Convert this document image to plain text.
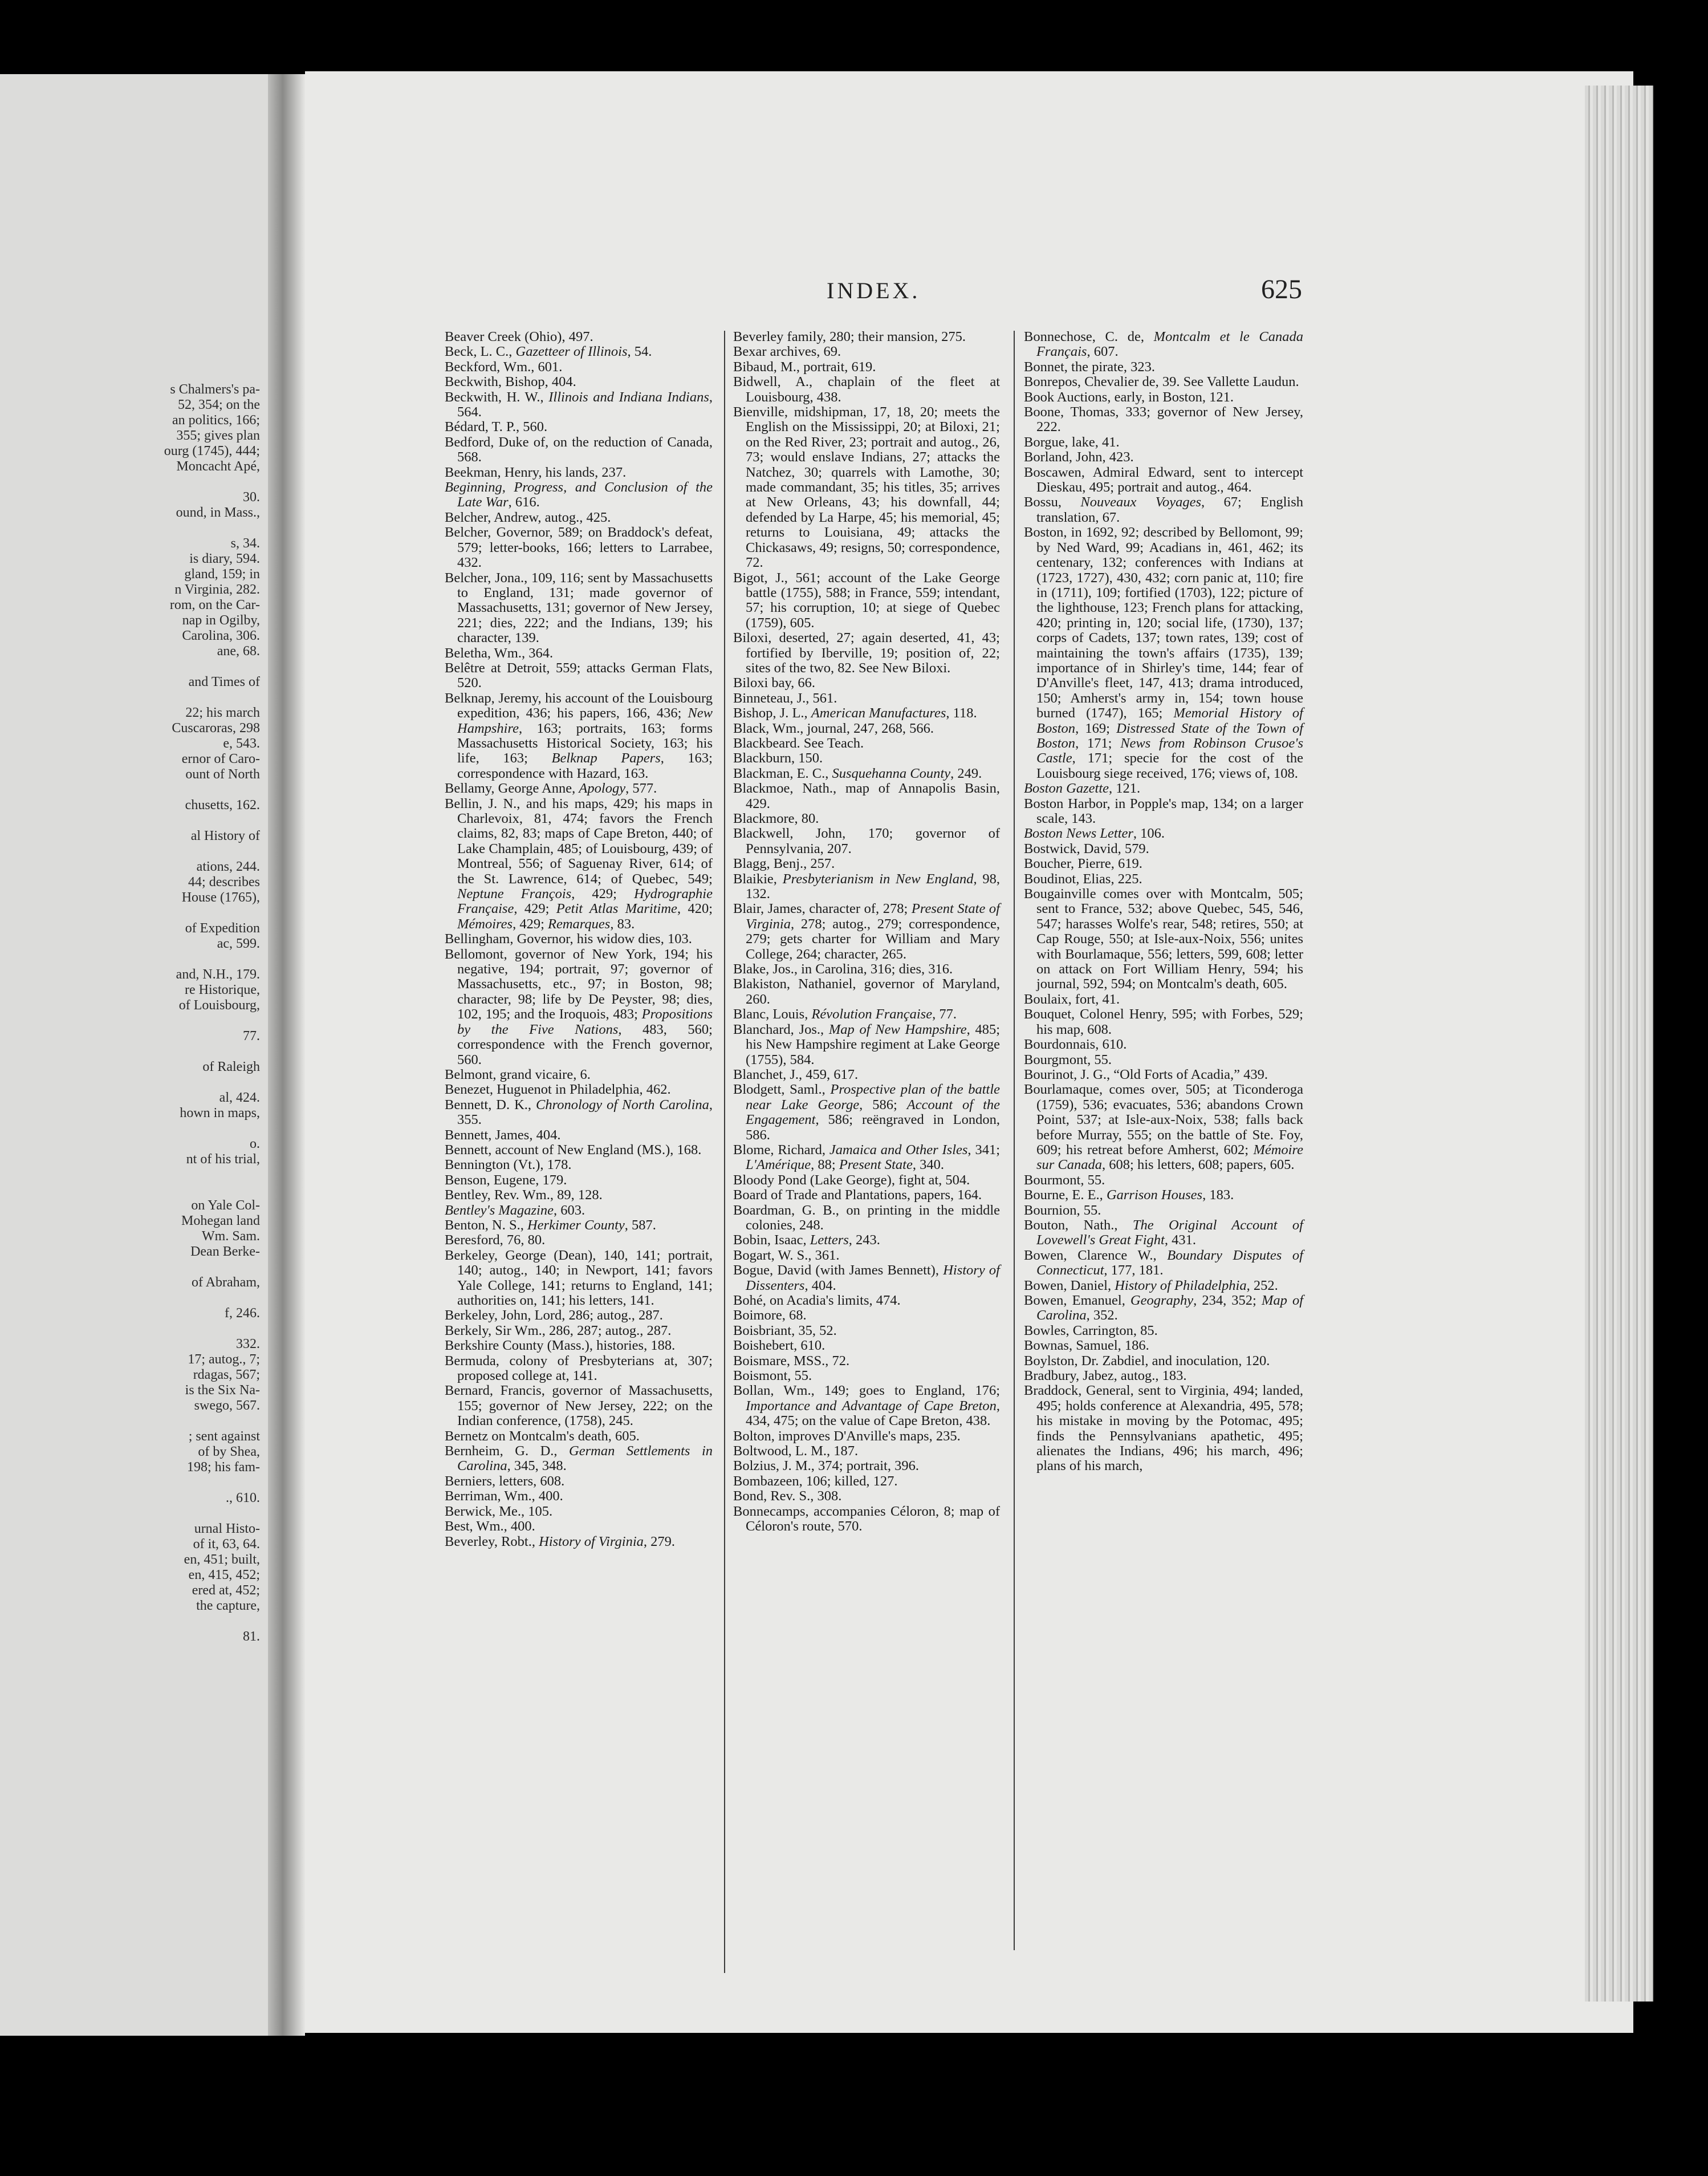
s Chalmers's pa-
52, 354; on the
an politics, 166;
355; gives plan
ourg (1745), 444;
Moncacht Apé,
30.
ound, in Mass.,
s, 34.
is diary, 594.
gland, 159; in
n Virginia, 282.
rom, on the Car-
nap in Ogilby,
Carolina, 306.
ane, 68.
and Times of
22; his march
Cuscaroras, 298
e, 543.
ernor of Caro-
ount of North
chusetts, 162.
al History of
ations, 244.
44; describes
House (1765),
of Expedition
ac, 599.
and, N.H., 179.
re Historique,
of Louisbourg,
77.
of Raleigh
al, 424.
hown in maps,
o.
nt of his trial,
on Yale Col-
Mohegan land
Wm. Sam.
Dean Berke-
of Abraham,
f, 246.
332.
17; autog., 7;
rdagas, 567;
is the Six Na-
swego, 567.
; sent against
of by Shea,
198; his fam-
., 610.
urnal Histo-
of it, 63, 64.
en, 451; built,
en, 415, 452;
ered at, 452;
the capture,
81.
INDEX.	625
Beaver Creek (Ohio), 497.
Beck, L. C., Gazetteer of Illinois, 54.
Beckford, Wm., 601.
Beckwith, Bishop, 404.
Beckwith, H. W., Illinois and Indiana Indians, 564.
Bédard, T. P., 560.
Bedford, Duke of, on the reduction of Canada, 568.
Beekman, Henry, his lands, 237.
Beginning, Progress, and Conclusion of the Late War, 616.
Belcher, Andrew, autog., 425.
Belcher, Governor, 589; on Braddock's defeat, 579; letter-books, 166; letters to Larrabee, 432.
Belcher, Jona., 109, 116; sent by Massachusetts to England, 131; made governor of Massachusetts, 131; governor of New Jersey, 221; dies, 222; and the Indians, 139; his character, 139.
Beletha, Wm., 364.
Belêtre at Detroit, 559; attacks German Flats, 520.
Belknap, Jeremy, his account of the Louisbourg expedition, 436; his papers, 166, 436; New Hampshire, 163; portraits, 163; forms Massachusetts Historical Society, 163; his life, 163; Belknap Papers, 163; correspondence with Hazard, 163.
Bellamy, George Anne, Apology, 577.
Bellin, J. N., and his maps, 429; his maps in Charlevoix, 81, 474; favors the French claims, 82, 83; maps of Cape Breton, 440; of Lake Champlain, 485; of Louisbourg, 439; of Montreal, 556; of Saguenay River, 614; of the St. Lawrence, 614; of Quebec, 549; Neptune François, 429; Hydrographie Française, 429; Petit Atlas Maritime, 420; Mémoires, 429; Remarques, 83.
Bellingham, Governor, his widow dies, 103.
Bellomont, governor of New York, 194; his negative, 194; portrait, 97; governor of Massachusetts, etc., 97; in Boston, 98; character, 98; life by De Peyster, 98; dies, 102, 195; and the Iroquois, 483; Propositions by the Five Nations, 483, 560; correspondence with the French governor, 560.
Belmont, grand vicaire, 6.
Benezet, Huguenot in Philadelphia, 462.
Bennett, D. K., Chronology of North Carolina, 355.
Bennett, James, 404.
Bennett, account of New England (MS.), 168.
Bennington (Vt.), 178.
Benson, Eugene, 179.
Bentley, Rev. Wm., 89, 128.
Bentley's Magazine, 603.
Benton, N. S., Herkimer County, 587.
Beresford, 76, 80.
Berkeley, George (Dean), 140, 141; portrait, 140; autog., 140; in Newport, 141; favors Yale College, 141; returns to England, 141; authorities on, 141; his letters, 141.
Berkeley, John, Lord, 286; autog., 287.
Berkely, Sir Wm., 286, 287; autog., 287.
Berkshire County (Mass.), histories, 188.
Bermuda, colony of Presbyterians at, 307; proposed college at, 141.
Bernard, Francis, governor of Massachusetts, 155; governor of New Jersey, 222; on the Indian conference, (1758), 245.
Bernetz on Montcalm's death, 605.
Bernheim, G. D., German Settlements in Carolina, 345, 348.
Berniers, letters, 608.
Berriman, Wm., 400.
Berwick, Me., 105.
Best, Wm., 400.
Beverley, Robt., History of Virginia, 279.
Beverley family, 280; their mansion, 275.
Bexar archives, 69.
Bibaud, M., portrait, 619.
Bidwell, A., chaplain of the fleet at Louisbourg, 438.
Bienville, midshipman, 17, 18, 20; meets the English on the Mississippi, 20; at Biloxi, 21; on the Red River, 23; portrait and autog., 26, 73; would enslave Indians, 27; attacks the Natchez, 30; quarrels with Lamothe, 30; made commandant, 35; his titles, 35; arrives at New Orleans, 43; his downfall, 44; defended by La Harpe, 45; his memorial, 45; returns to Louisiana, 49; attacks the Chickasaws, 49; resigns, 50; correspondence, 72.
Bigot, J., 561; account of the Lake George battle (1755), 588; in France, 559; intendant, 57; his corruption, 10; at siege of Quebec (1759), 605.
Biloxi, deserted, 27; again deserted, 41, 43; fortified by Iberville, 19; position of, 22; sites of the two, 82. See New Biloxi.
Biloxi bay, 66.
Binneteau, J., 561.
Bishop, J. L., American Manufactures, 118.
Black, Wm., journal, 247, 268, 566.
Blackbeard. See Teach.
Blackburn, 150.
Blackman, E. C., Susquehanna County, 249.
Blackmoe, Nath., map of Annapolis Basin, 429.
Blackmore, 80.
Blackwell, John, 170; governor of Pennsylvania, 207.
Blagg, Benj., 257.
Blaikie, Presbyterianism in New England, 98, 132.
Blair, James, character of, 278; Present State of Virginia, 278; autog., 279; correspondence, 279; gets charter for William and Mary College, 264; character, 265.
Blake, Jos., in Carolina, 316; dies, 316.
Blakiston, Nathaniel, governor of Maryland, 260.
Blanc, Louis, Révolution Française, 77.
Blanchard, Jos., Map of New Hampshire, 485; his New Hampshire regiment at Lake George (1755), 584.
Blanchet, J., 459, 617.
Blodgett, Saml., Prospective plan of the battle near Lake George, 586; Account of the Engagement, 586; reëngraved in London, 586.
Blome, Richard, Jamaica and Other Isles, 341; L'Amérique, 88; Present State, 340.
Bloody Pond (Lake George), fight at, 504.
Board of Trade and Plantations, papers, 164.
Boardman, G. B., on printing in the middle colonies, 248.
Bobin, Isaac, Letters, 243.
Bogart, W. S., 361.
Bogue, David (with James Bennett), History of Dissenters, 404.
Bohé, on Acadia's limits, 474.
Boimore, 68.
Boisbriant, 35, 52.
Boishebert, 610.
Boismare, MSS., 72.
Boismont, 55.
Bollan, Wm., 149; goes to England, 176; Importance and Advantage of Cape Breton, 434, 475; on the value of Cape Breton, 438.
Bolton, improves D'Anville's maps, 235.
Boltwood, L. M., 187.
Bolzius, J. M., 374; portrait, 396.
Bombazeen, 106; killed, 127.
Bond, Rev. S., 308.
Bonnecamps, accompanies Céloron, 8; map of Céloron's route, 570.
Bonnechose, C. de, Montcalm et le Canada Français, 607.
Bonnet, the pirate, 323.
Bonrepos, Chevalier de, 39. See Vallette Laudun.
Book Auctions, early, in Boston, 121.
Boone, Thomas, 333; governor of New Jersey, 222.
Borgue, lake, 41.
Borland, John, 423.
Boscawen, Admiral Edward, sent to intercept Dieskau, 495; portrait and autog., 464.
Bossu, Nouveaux Voyages, 67; English translation, 67.
Boston, in 1692, 92; described by Bellomont, 99; by Ned Ward, 99; Acadians in, 461, 462; its centenary, 132; conferences with Indians at (1723, 1727), 430, 432; corn panic at, 110; fire in (1711), 109; fortified (1703), 122; picture of the lighthouse, 123; French plans for attacking, 420; printing in, 120; social life, (1730), 137; corps of Cadets, 137; town rates, 139; cost of maintaining the town's affairs (1735), 139; importance of in Shirley's time, 144; fear of D'Anville's fleet, 147, 413; drama introduced, 150; Amherst's army in, 154; town house burned (1747), 165; Memorial History of Boston, 169; Distressed State of the Town of Boston, 171; News from Robinson Crusoe's Castle, 171; specie for the cost of the Louisbourg siege received, 176; views of, 108.
Boston Gazette, 121.
Boston Harbor, in Popple's map, 134; on a larger scale, 143.
Boston News Letter, 106.
Bostwick, David, 579.
Boucher, Pierre, 619.
Boudinot, Elias, 225.
Bougainville comes over with Montcalm, 505; sent to France, 532; above Quebec, 545, 546, 547; harasses Wolfe's rear, 548; retires, 550; at Cap Rouge, 550; at Isle-aux-Noix, 556; unites with Bourlamaque, 556; letters, 599, 608; letter on attack on Fort William Henry, 594; his journal, 592, 594; on Montcalm's death, 605.
Boulaix, fort, 41.
Bouquet, Colonel Henry, 595; with Forbes, 529; his map, 608.
Bourdonnais, 610.
Bourgmont, 55.
Bourinot, J. G., “Old Forts of Acadia,” 439.
Bourlamaque, comes over, 505; at Ticonderoga (1759), 536; evacuates, 536; abandons Crown Point, 537; at Isle-aux-Noix, 538; falls back before Murray, 555; on the battle of Ste. Foy, 609; his retreat before Amherst, 602; Mémoire sur Canada, 608; his letters, 608; papers, 605.
Bourmont, 55.
Bourne, E. E., Garrison Houses, 183.
Bournion, 55.
Bouton, Nath., The Original Account of Lovewell's Great Fight, 431.
Bowen, Clarence W., Boundary Disputes of Connecticut, 177, 181.
Bowen, Daniel, History of Philadelphia, 252.
Bowen, Emanuel, Geography, 234, 352; Map of Carolina, 352.
Bowles, Carrington, 85.
Bownas, Samuel, 186.
Boylston, Dr. Zabdiel, and inoculation, 120.
Bradbury, Jabez, autog., 183.
Braddock, General, sent to Virginia, 494; landed, 495; holds conference at Alexandria, 495, 578; his mistake in moving by the Potomac, 495; finds the Pennsylvanians apathetic, 495; alienates the Indians, 496; his march, 496; plans of his march,
